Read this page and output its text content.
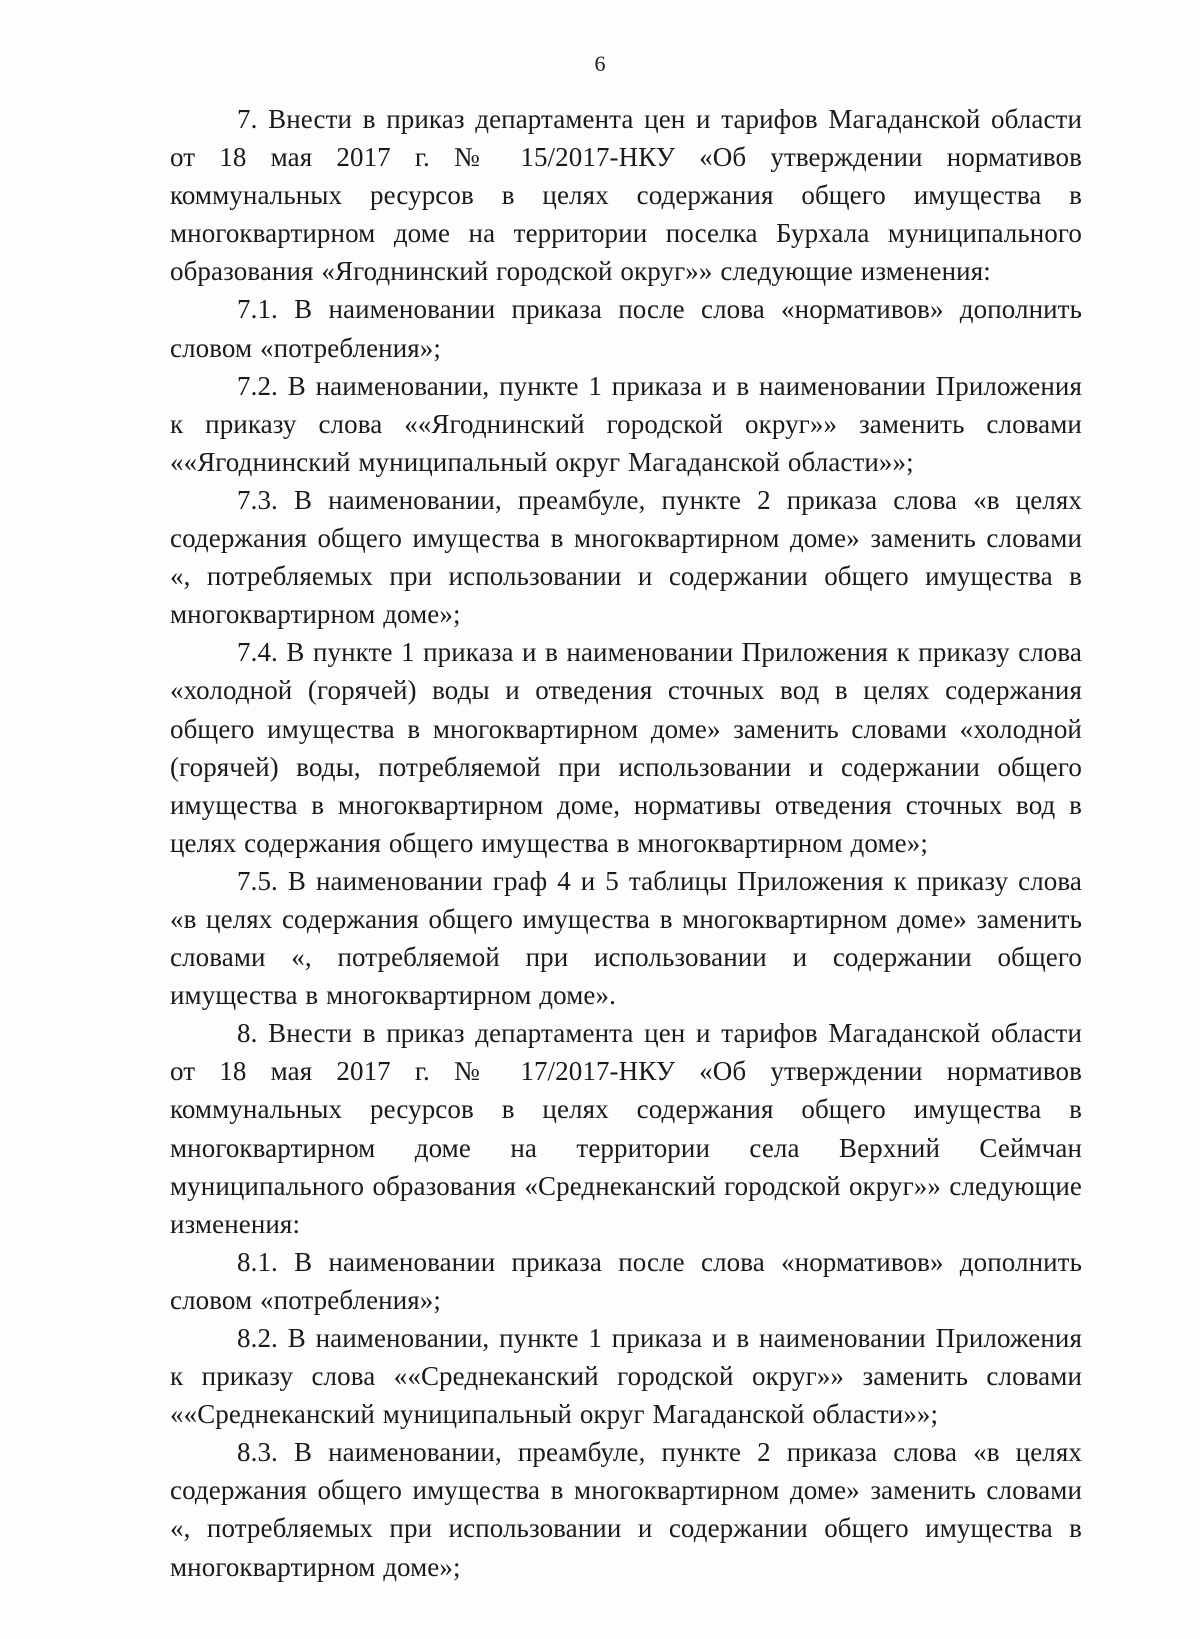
6

7. Внести в приказ департамента цен и тарифов Магаданской области от 18 мая 2017 г. № 15/2017-НКУ «Об утверждении нормативов коммунальных ресурсов в целях содержания общего имущества в многоквартирном доме на территории поселка Бурхала муниципального образования «Ягоднинский городской округ»» следующие изменения:

7.1. В наименовании приказа после слова «нормативов» дополнить словом «потребления»;

7.2. В наименовании, пункте 1 приказа и в наименовании Приложения к приказу слова ««Ягоднинский городской округ»» заменить словами ««Ягоднинский муниципальный округ Магаданской области»»;

7.3. В наименовании, преамбуле, пункте 2 приказа слова «в целях содержания общего имущества в многоквартирном доме» заменить словами «, потребляемых при использовании и содержании общего имущества в многоквартирном доме»;

7.4. В пункте 1 приказа и в наименовании Приложения к приказу слова «холодной (горячей) воды и отведения сточных вод в целях содержания общего имущества в многоквартирном доме» заменить словами «холодной (горячей) воды, потребляемой при использовании и содержании общего имущества в многоквартирном доме, нормативы отведения сточных вод в целях содержания общего имущества в многоквартирном доме»;

7.5. В наименовании граф 4 и 5 таблицы Приложения к приказу слова «в целях содержания общего имущества в многоквартирном доме» заменить словами «, потребляемой при использовании и содержании общего имущества в многоквартирном доме».

8. Внести в приказ департамента цен и тарифов Магаданской области от 18 мая 2017 г. № 17/2017-НКУ «Об утверждении нормативов коммунальных ресурсов в целях содержания общего имущества в многоквартирном доме на территории села Верхний Сеймчан муниципального образования «Среднеканский городской округ»» следующие изменения:

8.1. В наименовании приказа после слова «нормативов» дополнить словом «потребления»;

8.2. В наименовании, пункте 1 приказа и в наименовании Приложения к приказу слова ««Среднеканский городской округ»» заменить словами ««Среднеканский муниципальный округ Магаданской области»»;

8.3. В наименовании, преамбуле, пункте 2 приказа слова «в целях содержания общего имущества в многоквартирном доме» заменить словами «, потребляемых при использовании и содержании общего имущества в многоквартирном доме»;
